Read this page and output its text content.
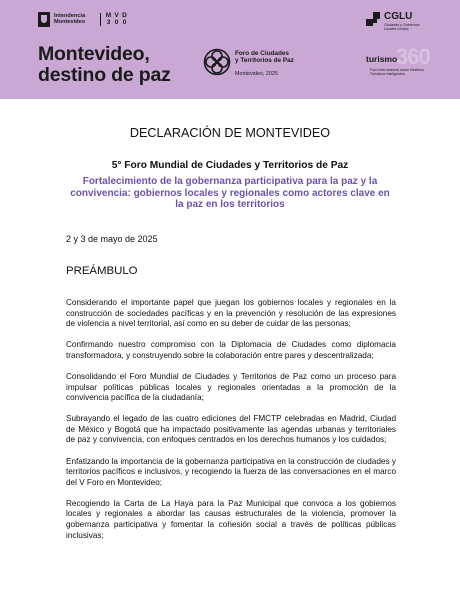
Intendencia Montevideo
M V D
3 0 0
Montevideo,
destino de paz
Foro de Ciudades
y Territorios de Paz
Montevideo, 2025
CGLU
Ciudades y Gobiernos Locales Unidos
360
turismo
Foro Internacional sobre Destinos Turísticos Inteligentes
DECLARACIÓN DE MONTEVIDEO
5° Foro Mundial de Ciudades y Territorios de Paz
Fortalecimiento de la gobernanza participativa para la paz y la convivencia: gobiernos locales y regionales como actores clave en la paz en los territorios
2 y 3 de mayo de 2025
PREÁMBULO

Considerando el importante papel que juegan los gobiernos locales y regionales en la construcción de sociedades pacíficas y en la prevención y resolución de las expresiones de violencia a nivel territorial, así como en su deber de cuidar de las personas;

Confirmando nuestro compromiso con la Diplomacia de Ciudades como diplomacia transformadora, y construyendo sobre la colaboración entre pares y descentralizada;

Consolidando el Foro Mundial de Ciudades y Territorios de Paz como un proceso para impulsar políticas públicas locales y regionales orientadas a la promoción de la convivencia pacífica de la ciudadanía;

Subrayando el legado de las cuatro ediciones del FMCTP celebradas en Madrid, Ciudad de México y Bogotá que ha impactado positivamente las agendas urbanas y territoriales de paz y convivencia, con enfoques centrados en los derechos humanos y los cuidados;

Enfatizando la importancia de la gobernanza participativa en la construcción de ciudades y territorios pacíficos e inclusivos, y recogiendo la fuerza de las conversaciones en el marco del V Foro en Montevideo;

Recogiendo la Carta de La Haya para la Paz Municipal que convoca a los gobiernos locales y regionales a abordar las causas estructurales de la violencia, promover la gobernanza participativa y fomentar la cohesión social a través de políticas públicas inclusivas;
